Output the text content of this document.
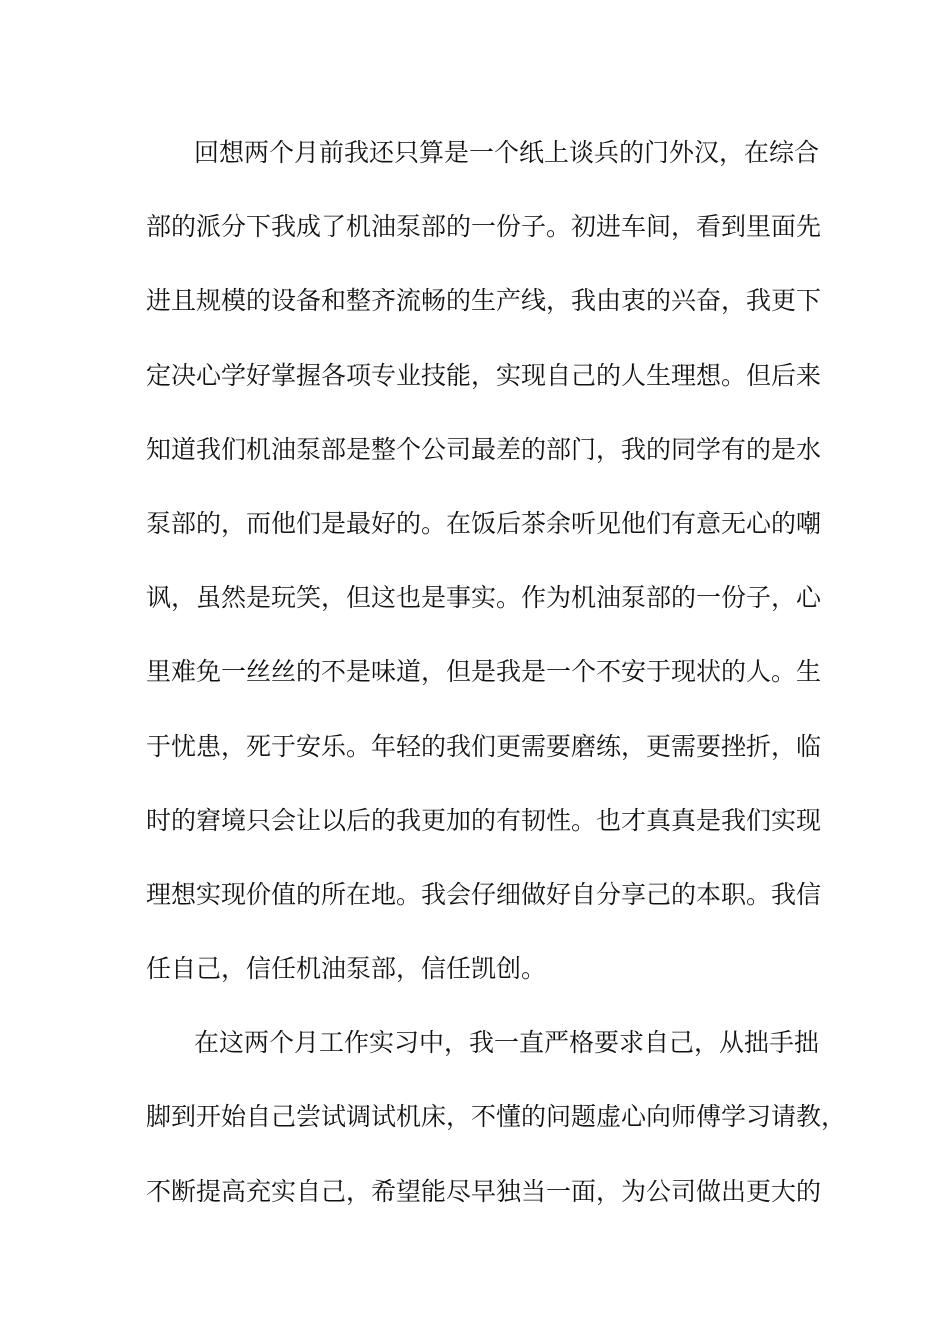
回想两个月前我还只算是一个纸上谈兵的门外汉，在综合
部的派分下我成了机油泵部的一份子。初进车间，看到里面先
进且规模的设备和整齐流畅的生产线，我由衷的兴奋，我更下
定决心学好掌握各项专业技能，实现自己的人生理想。但后来
知道我们机油泵部是整个公司最差的部门，我的同学有的是水
泵部的，而他们是最好的。在饭后茶余听见他们有意无心的嘲
讽，虽然是玩笑，但这也是事实。作为机油泵部的一份子，心
里难免一丝丝的不是味道，但是我是一个不安于现状的人。生
于忧患，死于安乐。年轻的我们更需要磨练，更需要挫折，临
时的窘境只会让以后的我更加的有韧性。也才真真是我们实现
理想实现价值的所在地。我会仔细做好自分享己的本职。我信
任自己，信任机油泵部，信任凯创。
在这两个月工作实习中，我一直严格要求自己，从拙手拙
脚到开始自己尝试调试机床，不懂的问题虚心向师傅学习请教，
不断提高充实自己，希望能尽早独当一面，为公司做出更大的
